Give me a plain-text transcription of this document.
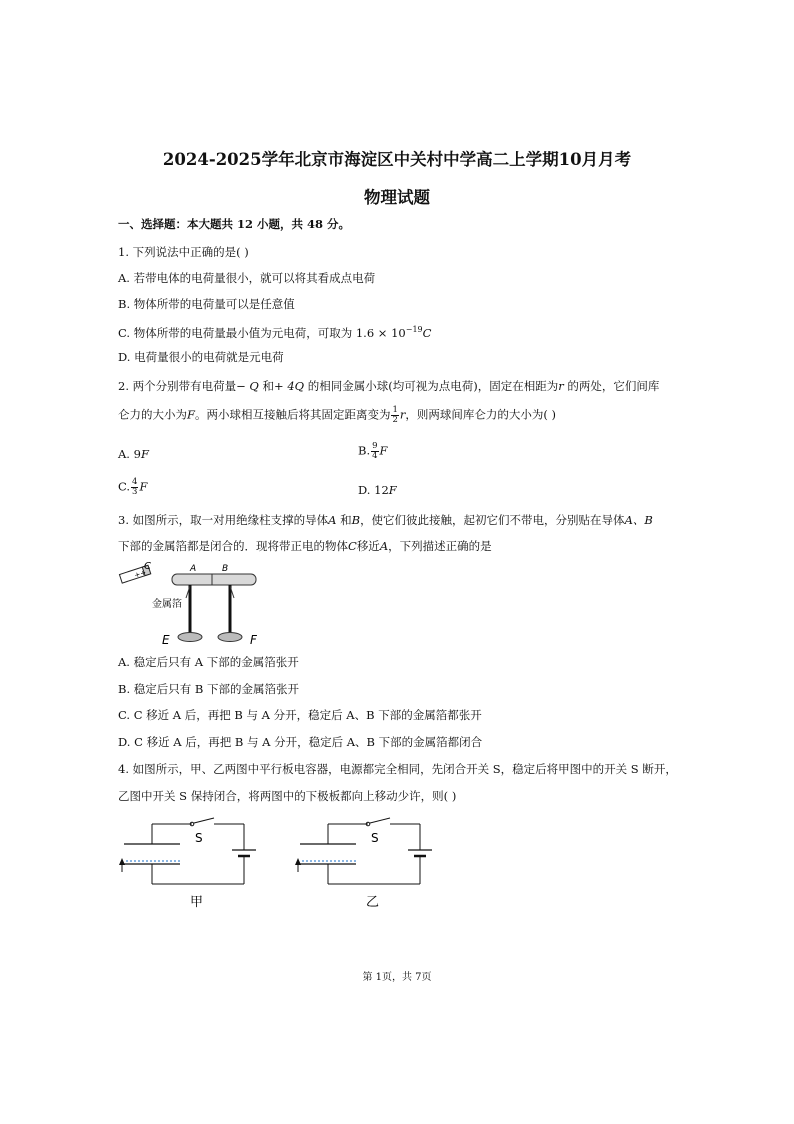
2024-2025学年北京市海淀区中关村中学高二上学期10月月考
物理试题
一、选择题：本大题共 12 小题，共 48 分。
1. 下列说法中正确的是( )
A. 若带电体的电荷量很小，就可以将其看成点电荷
B. 物体所带的电荷量可以是任意值
C. 物体所带的电荷量最小值为元电荷，可取为 $1.6 \times 10^{-19}C$
D. 电荷量很小的电荷就是元电荷
2. 两个分别带有电荷量− Q 和+ 4Q 的相同金属小球(均可视为点电荷)，固定在相距为r 的两处，它们间库
仑力的大小为F。两小球相互接触后将其固定距离变为 $\frac{1}{2}$ r，则两球间库仑力的大小为( )
A. 9F	B. $\frac{9}{4}$ F
C. $\frac{4}{3}$ F	D. 12F
3. 如图所示，取一对用绝缘柱支撑的导体A 和B，使它们彼此接触，起初它们不带电，分别贴在导体A、B
下部的金属箔都是闭合的．现将带正电的物体C移近A，下列描述正确的是
+
+
C	A	B
金属箔
E	F
A. 稳定后只有 A 下部的金属箔张开
B. 稳定后只有 B 下部的金属箔张开
C. C 移近 A 后，再把 B 与 A 分开，稳定后 A、B 下部的金属箔都张开
D. C 移近 A 后，再把 B 与 A 分开，稳定后 A、B 下部的金属箔都闭合
4. 如图所示，甲、乙两图中平行板电容器，电源都完全相同，先闭合开关 S，稳定后将甲图中的开关 S 断开，
乙图中开关 S 保持闭合，将两图中的下极板都向上移动少许，则( )
S
甲
S
乙
第 1页，共 7页
